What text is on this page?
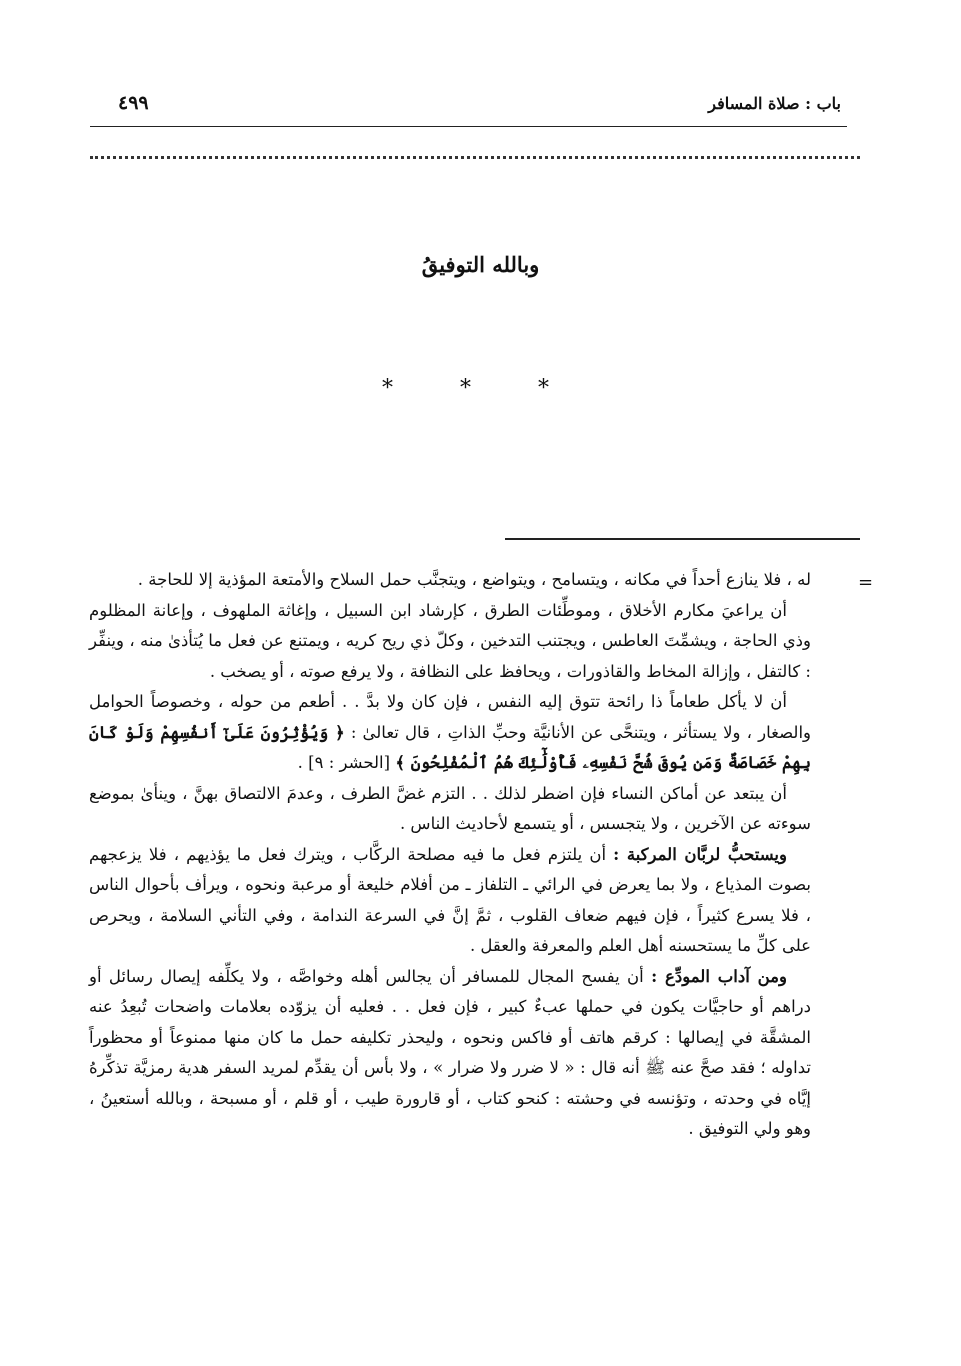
باب : صلاة المسافر
٤٩٩
وبالله التوفيقُ
* * *
=

له ، فلا ينازع أحداً في مكانه ، ويتسامح ، ويتواضع ، ويتجنَّب حمل السلاح والأمتعة المؤذية إلا للحاجة .

أن يراعيَ مكارم الأخلاق ، وموطِّئات الطرق ، كإرشاد ابن السبيل ، وإغاثة الملهوف ، وإعانة المظلوم وذي الحاجة ، ويشمِّتَ العاطس ، ويجتنب التدخين ، وكلّ ذي ريح كريه ، ويمتنع عن فعل ما يُتأذىٰ منه ، وينفِّر : كالتفل ، وإزالة المخاط والقاذورات ، ويحافظ على النظافة ، ولا يرفع صوته ، أو يصخب .

أن لا يأكل طعاماً ذا رائحة تتوق إليه النفس ، فإن كان ولا بدَّ . . أطعم من حوله ، وخصوصاً الحوامل والصغار ، ولا يستأثر ، ويتنحَّى عن الأنانيَّة وحبِّ الذاتِ ، قال تعالىٰ : ﴿ وَيُؤْثِرُونَ عَلَىٰٓ أَنفُسِهِمْ وَلَوْ كَانَ بِهِمْ خَصَاصَةٌ وَمَن يُوقَ شُحَّ نَفْسِهِۦ فَأُوْلَٰٓئِكَ هُمُ ٱلْمُفْلِحُونَ ﴾ [الحشر : ٩] .

أن يبتعد عن أماكن النساء فإن اضطر لذلك . . التزم غضَّ الطرف ، وعدمَ الالتصاق بهنَّ ، وينأىٰ بموضع سوءته عن الآخرين ، ولا يتجسس ، أو يتسمع لأحاديث الناس .

ويستحبُّ لربَّان المركبة : أن يلتزم فعل ما فيه مصلحة الركَّاب ، ويترك فعل ما يؤذيهم ، فلا يزعجهم بصوت المذياع ، ولا بما يعرض في الرائي ـ التلفاز ـ من أفلام خليعة أو مرعبة ونحوه ، ويرأف بأحوال الناس ، فلا يسرع كثيراً ، فإن فيهم ضعاف القلوب ، ثمَّ إنَّ في السرعة الندامة ، وفي التأني السلامة ، ويحرص على كلِّ ما يستحسنه أهل العلم والمعرفة والعقل .

ومن آداب المودِّع : أن يفسح المجال للمسافر أن يجالس أهله وخواصَّه ، ولا يكلِّفه إيصال رسائل أو دراهم أو حاجيَّات يكون في حملها عبءٌ كبير ، فإن فعل . . فعليه أن يزوّده بعلامات واضحات تُبعِدُ عنه المشقَّة في إيصالها : كرقم هاتف أو فاكس ونحوه ، وليحذر تكليفه حمل ما كان منها ممنوعاً أو محظوراً تداوله ؛ فقد صحَّ عنه ﷺ أنه قال : « لا ضرر ولا ضرار » ، ولا بأس أن يقدِّم لمريد السفر هدية رمزيَّة تذكِّرهُ إيَّاه في وحدته ، وتؤنسه في وحشته : كنحو كتاب ، أو قارورة طيب ، أو قلم ، أو مسبحة ، وبالله أستعينُ ، وهو ولي التوفيق .
